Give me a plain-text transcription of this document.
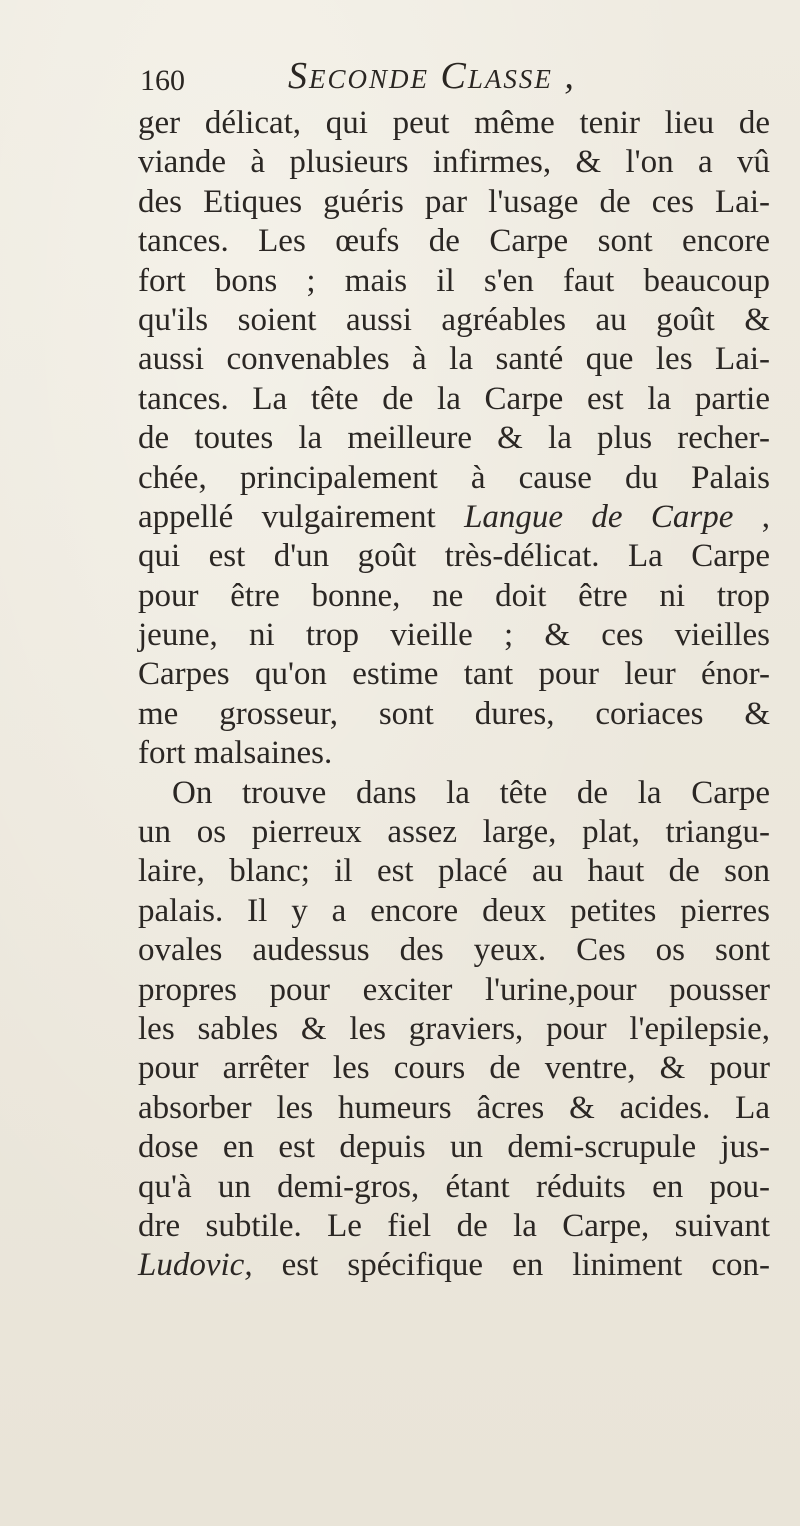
160	Seconde Classe ,
ger délicat, qui peut même tenir lieu de
viande à plusieurs infirmes, & l'on a vû
des Etiques guéris par l'usage de ces Lai-
tances. Les œufs de Carpe sont encore
fort bons ; mais il s'en faut beaucoup
qu'ils soient aussi agréables au goût &
aussi convenables à la santé que les Lai-
tances. La tête de la Carpe est la partie
de toutes la meilleure & la plus recher-
chée, principalement à cause du Palais
appellé vulgairement Langue de Carpe ,
qui est d'un goût très-délicat. La Carpe
pour être bonne, ne doit être ni trop
jeune, ni trop vieille ; & ces vieilles
Carpes qu'on estime tant pour leur énor-
me grosseur, sont dures, coriaces &
fort malsaines.
On trouve dans la tête de la Carpe
un os pierreux assez large, plat, triangu-
laire, blanc; il est placé au haut de son
palais. Il y a encore deux petites pierres
ovales audessus des yeux. Ces os sont
propres pour exciter l'urine,pour pousser
les sables & les graviers, pour l'epilepsie,
pour arrêter les cours de ventre, & pour
absorber les humeurs âcres & acides. La
dose en est depuis un demi-scrupule jus-
qu'à un demi-gros, étant réduits en pou-
dre subtile. Le fiel de la Carpe, suivant
Ludovic, est spécifique en liniment con-
